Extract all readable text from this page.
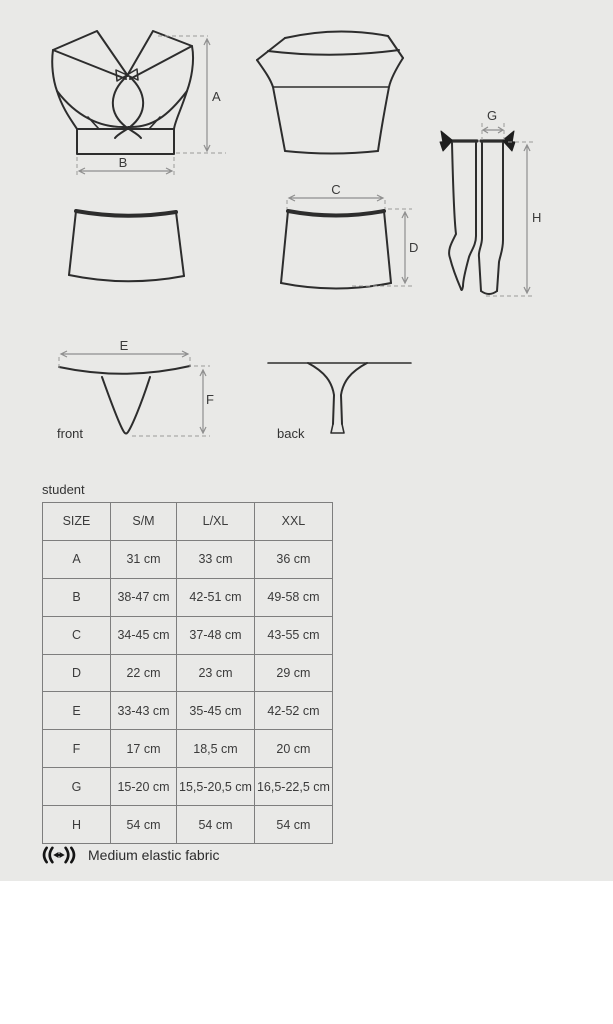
A
B
G
H
C
D
E
F
front	back
student
SIZE	S/M	L/XL	XXL
A	31 cm	33 cm	36 cm
B	38-47 cm	42-51 cm	49-58 cm
C	34-45 cm	37-48 cm	43-55 cm
D	22 cm	23 cm	29 cm
E	33-43 cm	35-45 cm	42-52 cm
F	17 cm	18,5 cm	20 cm
G	15-20 cm	15,5-20,5 cm	16,5-22,5 cm
H	54 cm	54 cm	54 cm
Medium elastic fabric
